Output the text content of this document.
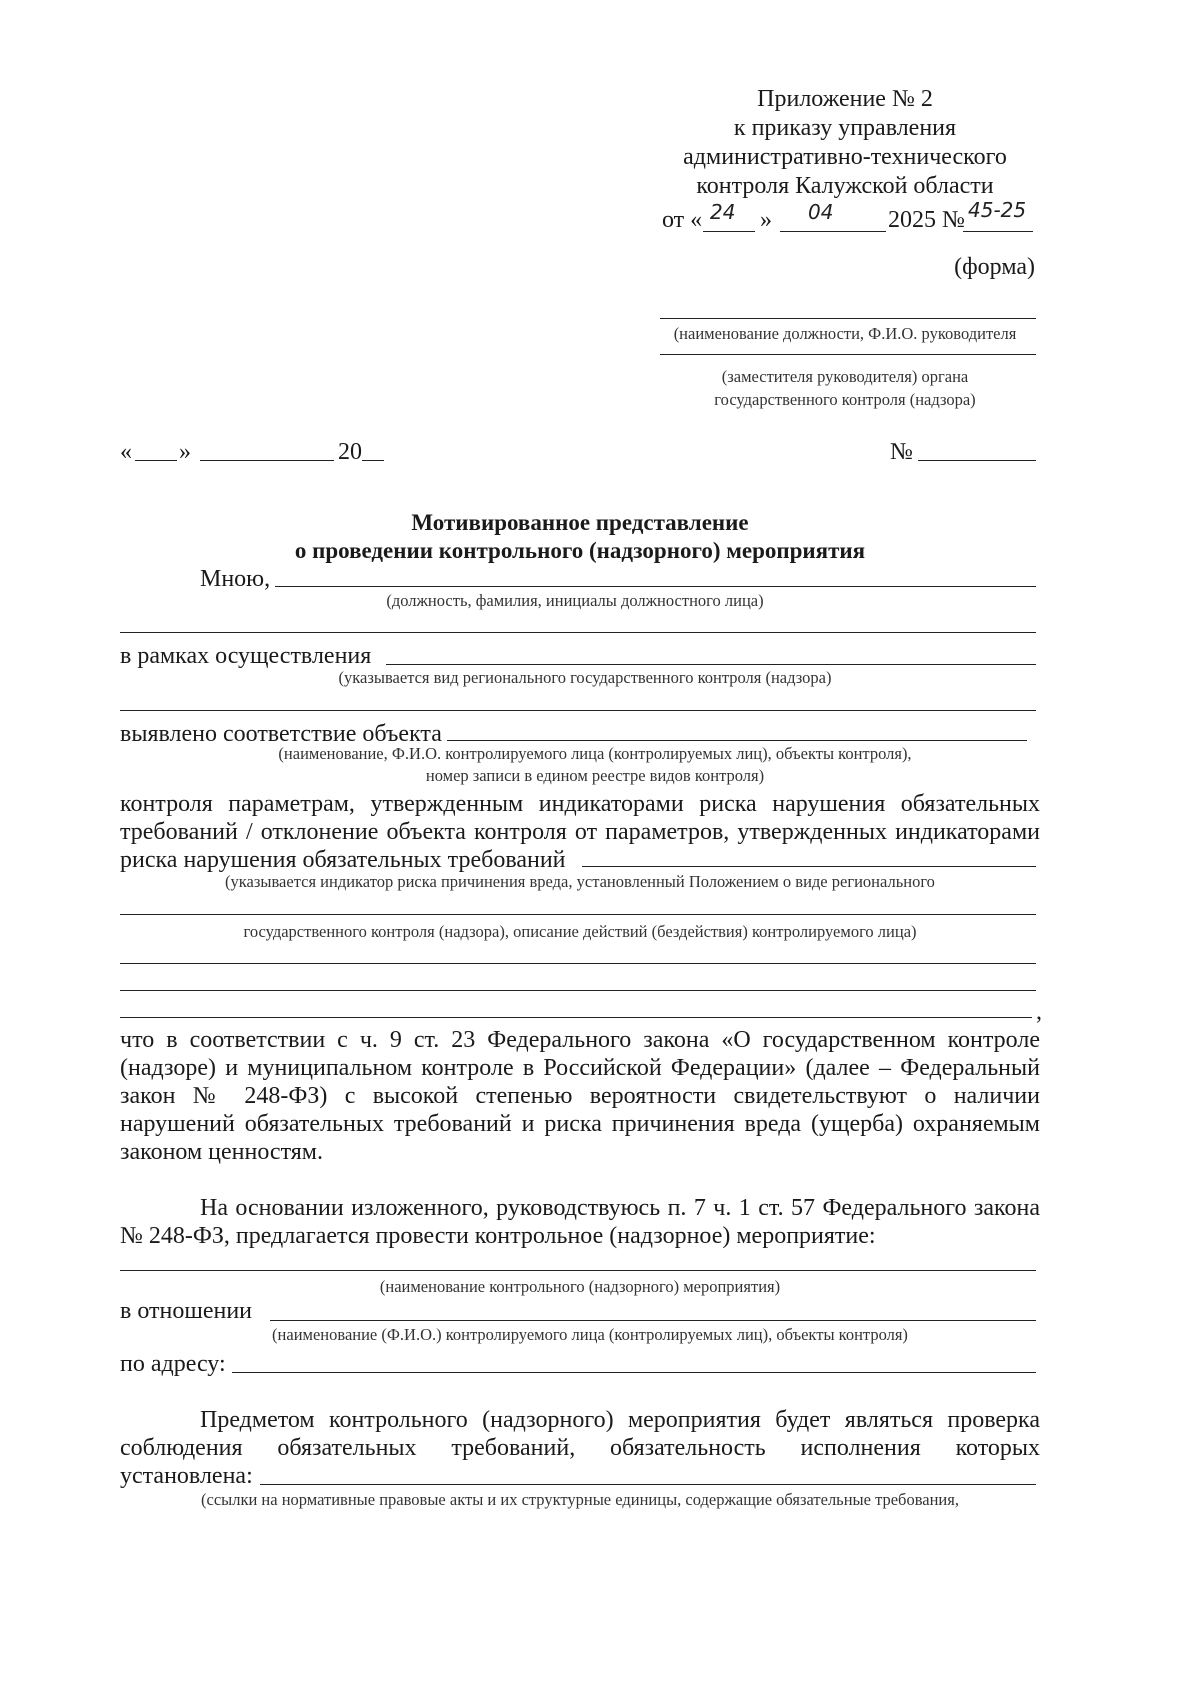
Приложение № 2
к приказу управления
административно-технического
контроля Калужской области
от « 24 » 04 2025 № 45-25
(форма)
(наименование должности, Ф.И.О. руководителя
(заместителя руководителя) органа
государственного контроля (надзора)
« »	20	№
Мотивированное представление
о проведении контрольного (надзорного) мероприятия
Мною,
(должность, фамилия, инициалы должностного лица)
в рамках осуществления
(указывается вид регионального государственного контроля (надзора)
выявлено соответствие объекта
(наименование, Ф.И.О. контролируемого лица (контролируемых лиц), объекты контроля),
номер записи в едином реестре видов контроля)
контроля параметрам, утвержденным индикаторами риска нарушения обязательных
требований / отклонение объекта контроля от параметров, утвержденных индикаторами
риска нарушения обязательных требований
(указывается индикатор риска причинения вреда, установленный Положением о виде регионального
государственного контроля (надзора), описание действий (бездействия) контролируемого лица)
,
что в соответствии с ч. 9 ст. 23 Федерального закона «О государственном контроле
(надзоре) и муниципальном контроле в Российской Федерации» (далее – Федеральный
закон № 248-ФЗ) с высокой степенью вероятности свидетельствуют о наличии
нарушений обязательных требований и риска причинения вреда (ущерба) охраняемым
законом ценностям.
На основании изложенного, руководствуюсь п. 7 ч. 1 ст. 57 Федерального закона
№ 248-ФЗ, предлагается провести контрольное (надзорное) мероприятие:
(наименование контрольного (надзорного) мероприятия)
в отношении
(наименование (Ф.И.О.) контролируемого лица (контролируемых лиц), объекты контроля)
по адресу:
Предметом контрольного (надзорного) мероприятия будет являться проверка
соблюдения обязательных требований, обязательность исполнения которых
установлена:
(ссылки на нормативные правовые акты и их структурные единицы, содержащие обязательные требования,
